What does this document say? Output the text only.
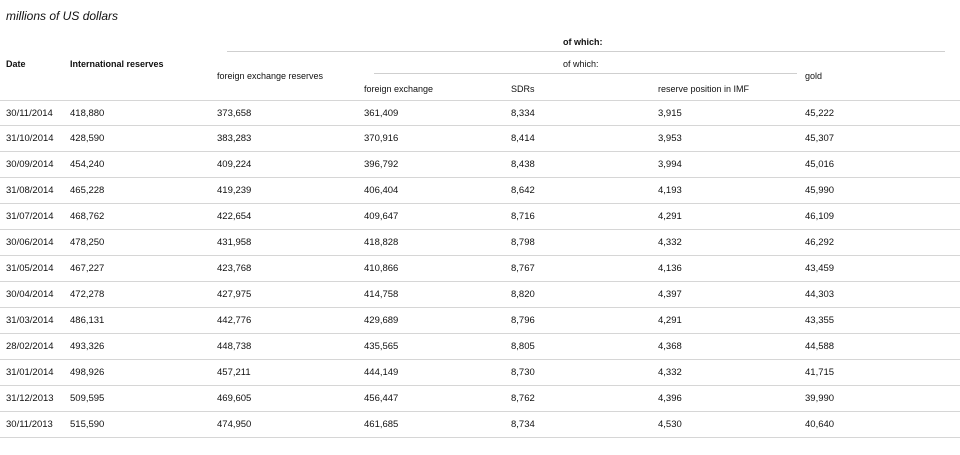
millions of US dollars
Date	International reserves
of which:
foreign exchange reserves
of which:
gold
foreign exchange	SDRs	reserve position in IMF
30/11/2014 418,880	373,658	361,409	8,334	3,915	45,222
31/10/2014 428,590	383,283	370,916	8,414	3,953	45,307
30/09/2014 454,240	409,224	396,792	8,438	3,994	45,016
31/08/2014 465,228	419,239	406,404	8,642	4,193	45,990
31/07/2014 468,762	422,654	409,647	8,716	4,291	46,109
30/06/2014 478,250	431,958	418,828	8,798	4,332	46,292
31/05/2014 467,227	423,768	410,866	8,767	4,136	43,459
30/04/2014 472,278	427,975	414,758	8,820	4,397	44,303
31/03/2014 486,131	442,776	429,689	8,796	4,291	43,355
28/02/2014 493,326	448,738	435,565	8,805	4,368	44,588
31/01/2014 498,926	457,211	444,149	8,730	4,332	41,715
31/12/2013 509,595	469,605	456,447	8,762	4,396	39,990
30/11/2013 515,590	474,950	461,685	8,734	4,530	40,640
